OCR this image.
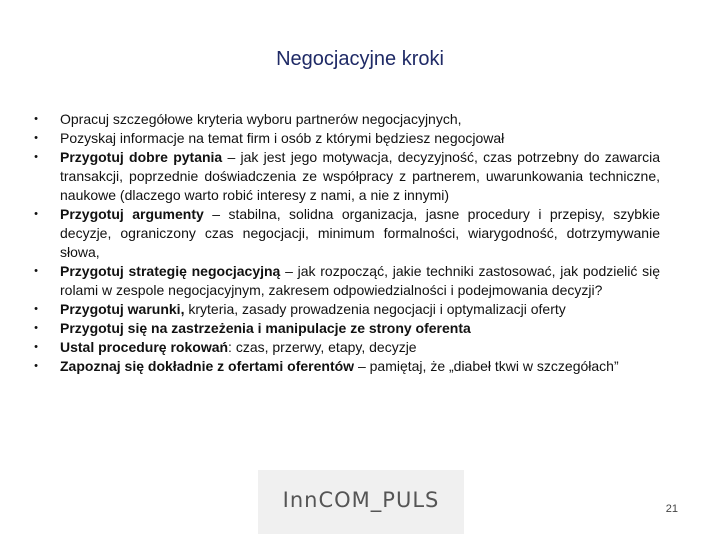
Negocjacyjne kroki
•	Opracuj szczegółowe kryteria wyboru partnerów negocjacyjnych,
•	Pozyskaj informacje na temat firm i osób z którymi będziesz negocjował
•	Przygotuj dobre pytania – jak jest jego motywacja, decyzyjność, czas potrzebny do zawarcia transakcji, poprzednie doświadczenia ze współpracy z partnerem, uwarunkowania techniczne, naukowe (dlaczego warto robić interesy z nami, a nie z innymi)
•	Przygotuj argumenty – stabilna, solidna organizacja, jasne procedury i przepisy, szybkie decyzje, ograniczony czas negocjacji, minimum formalności, wiarygodność, dotrzymywanie słowa,
•	Przygotuj strategię negocjacyjną – jak rozpocząć, jakie techniki zastosować, jak podzielić się rolami w zespole negocjacyjnym, zakresem odpowiedzialności i podejmowania decyzji?
•	Przygotuj warunki, kryteria, zasady prowadzenia negocjacji i optymalizacji oferty
•	Przygotuj się na zastrzeżenia i manipulacje ze strony oferenta
•	Ustal procedurę rokowań: czas, przerwy, etapy, decyzje
•	Zapoznaj się dokładnie z ofertami oferentów – pamiętaj, że „diabeł tkwi w szczegółach”
InnCOM_PULS	21
